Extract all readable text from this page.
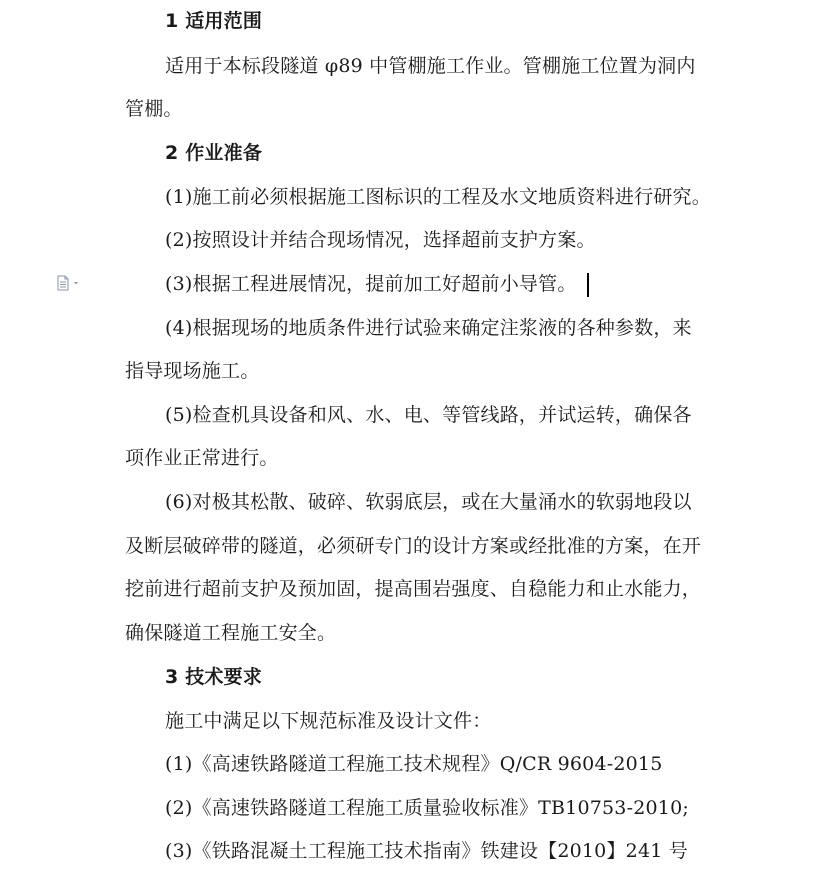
1 适用范围
适用于本标段隧道 φ89 中管棚施工作业。管棚施工位置为洞内
管棚。
2 作业准备
(1)施工前必须根据施工图标识的工程及水文地质资料进行研究。
(2)按照设计并结合现场情况，选择超前支护方案。
(3)根据工程进展情况，提前加工好超前小导管。
(4)根据现场的地质条件进行试验来确定注浆液的各种参数，来
指导现场施工。
(5)检查机具设备和风、水、电、等管线路，并试运转，确保各
项作业正常进行。
(6)对极其松散、破碎、软弱底层，或在大量涌水的软弱地段以
及断层破碎带的隧道，必须研专门的设计方案或经批准的方案，在开
挖前进行超前支护及预加固，提高围岩强度、自稳能力和止水能力，
确保隧道工程施工安全。
3 技术要求
施工中满足以下规范标准及设计文件：
(1)《高速铁路隧道工程施工技术规程》Q/CR 9604-2015
(2)《高速铁路隧道工程施工质量验收标准》TB10753-2010;
(3)《铁路混凝土工程施工技术指南》铁建设【2010】241 号
